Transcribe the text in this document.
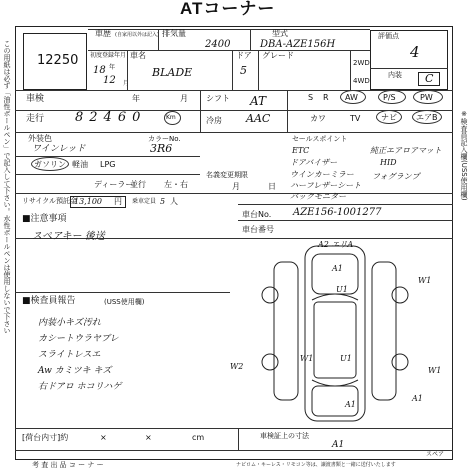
ATコーナー
12250
評価点
4
内装 C
この用紙は必ず「油性ボールペン」で記入して下さい。水性ボールペンは使用しないで下さい	※検査員記入欄(USS使用欄)
車歴 (自家用以外は記入) 排気量
2400
型式
DBA-AZE156H
初度登録年月
18 年
12 月
車名
BLADE
ドア
5
グレード
2WD
4WD
車検	年	月 シフト AT	S R AW	P/S	PW
走行 82460	Km	冷房 AAC	カワ	TV	ナビ エアB
外装色
ワインレッド
カラーNo.
3R6
ガソリン 軽油 LPG
ディーラー
並行 左・右
名義変更期限
月	日
セールスポイント
ETC
ドアバイザー
ウインカーミラー
ハーフレザーシート
バックモニター
純正エアロアマット
HID
フォグランプ
リサイクル預託金
13,100 円 乗車定員 5 人
車台No. AZE156-1001277
車台番号
■注意事項
スペアキー 後送
■検査員報告	(USS使用欄)
内装小キズ汚れ
カシートウラヤブレ
スライトレスエ
Aw カミツキ キズ
右ドアロ ホコリハゲ
A2 エリA
A1
W1
W1
U1
U1
W1
A1
W2
A1
[荷台内寸]約	×	×	cm	車検証上の寸法
A1
スペア
考 査 出 品 コ ー ナ ー	ナビロム・キーレス・リモコン等は、譲渡書類と一緒に送付いたします
